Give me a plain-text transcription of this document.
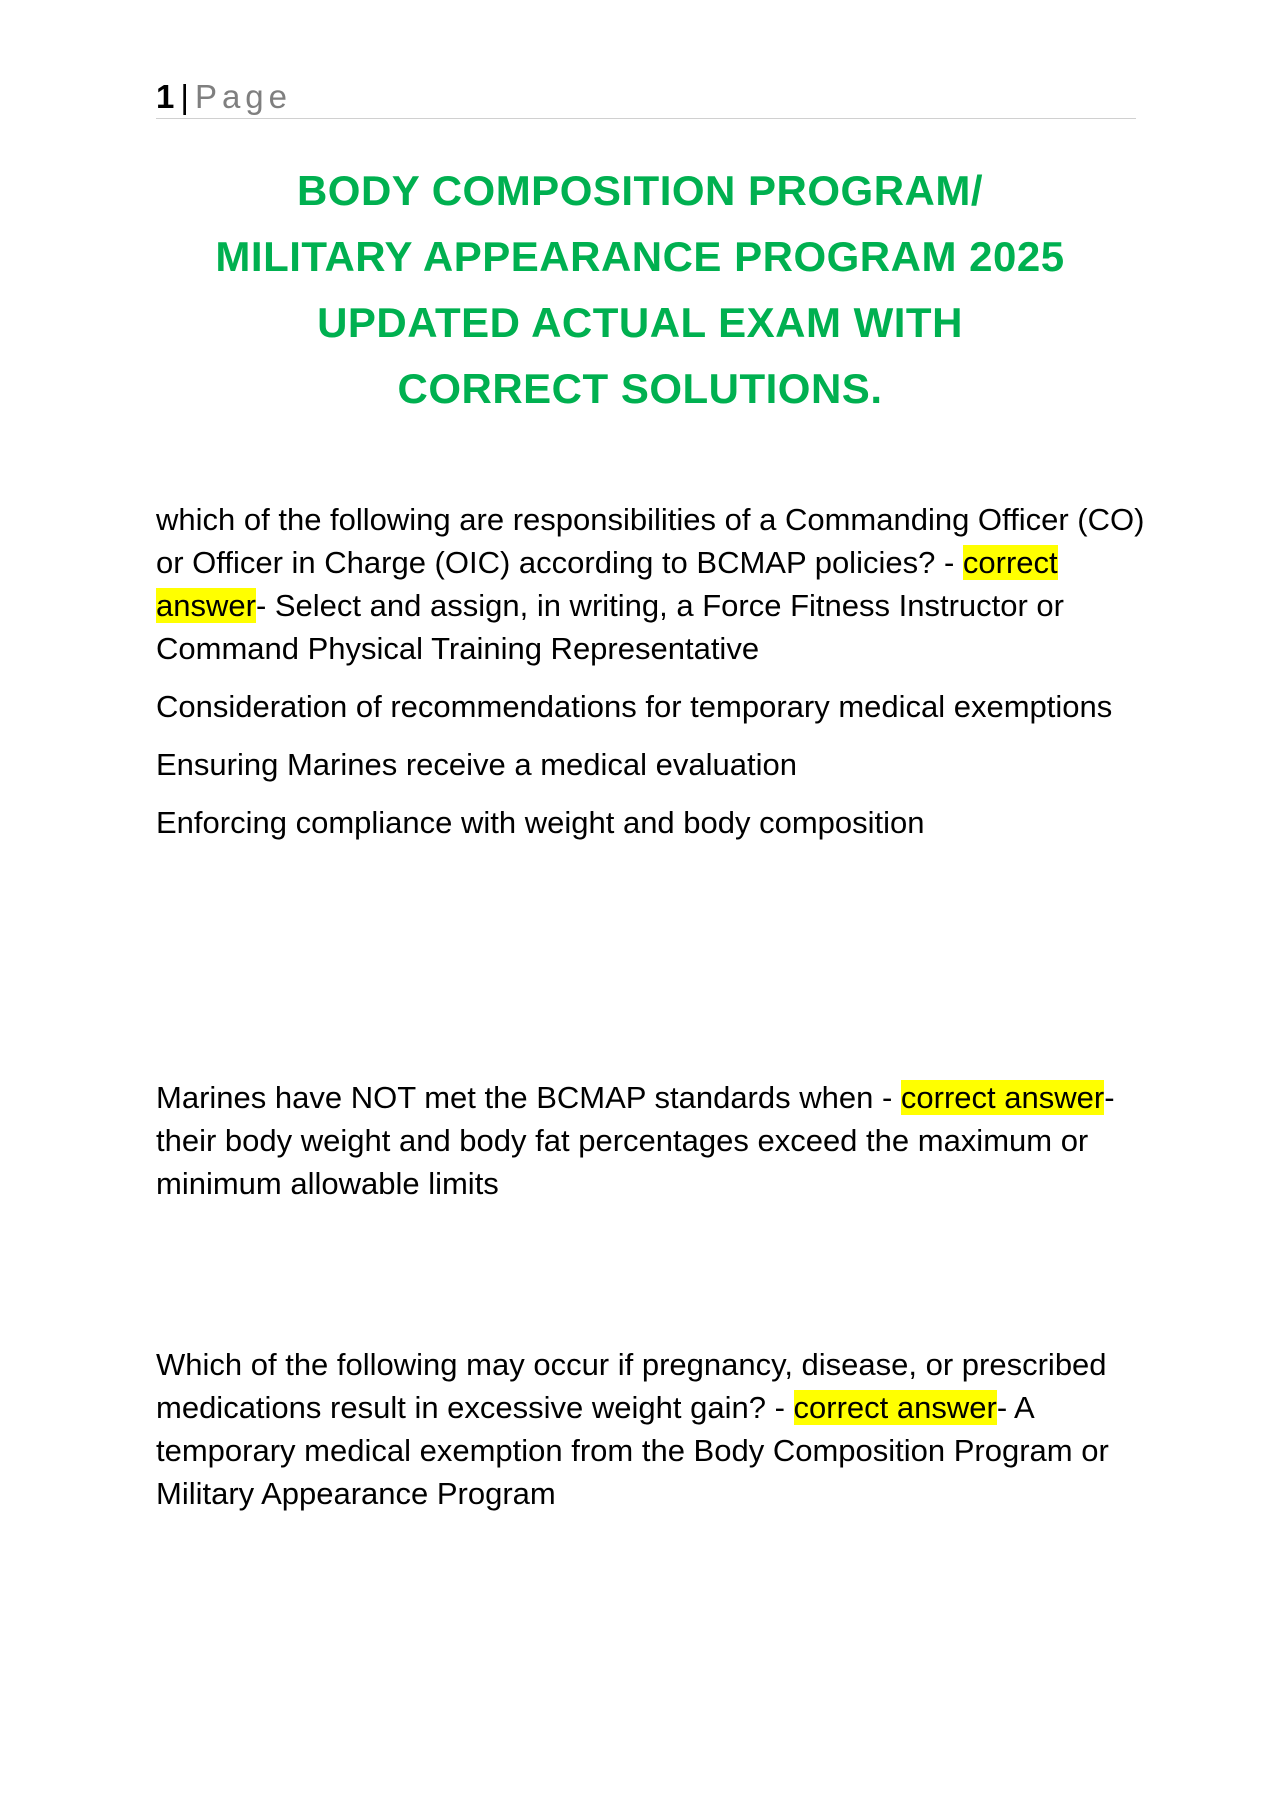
1 | Page
BODY COMPOSITION PROGRAM/
MILITARY APPEARANCE PROGRAM 2025
UPDATED ACTUAL EXAM WITH
CORRECT SOLUTIONS.

which of the following are responsibilities of a Commanding Officer (CO) or Officer in Charge (OIC) according to BCMAP policies? - correct answer- Select and assign, in writing, a Force Fitness Instructor or Command Physical Training Representative

Consideration of recommendations for temporary medical exemptions

Ensuring Marines receive a medical evaluation

Enforcing compliance with weight and body composition

Marines have NOT met the BCMAP standards when - correct answer- their body weight and body fat percentages exceed the maximum or minimum allowable limits

Which of the following may occur if pregnancy, disease, or prescribed medications result in excessive weight gain? - correct answer- A temporary medical exemption from the Body Composition Program or Military Appearance Program
